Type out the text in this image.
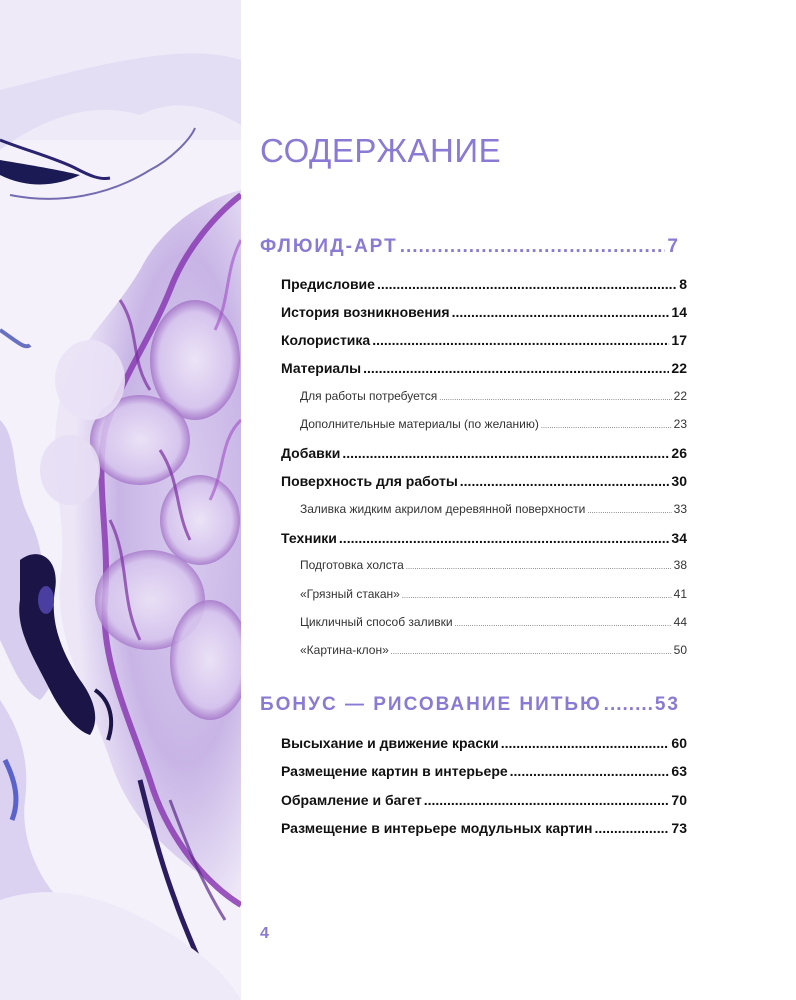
СОДЕРЖАНИЕ
ФЛЮИД-АРТ .....	7
Предисловие .....	8
История возникновения .....	14
Колористика .....	17
Материалы .....	22
Для работы потребуется .....	22
Дополнительные материалы (по желанию) .....	23
Добавки .....	26
Поверхность для работы .....	30
Заливка жидким акрилом деревянной поверхности .....	33
Техники .....	34
Подготовка холста .....	38
«Грязный стакан» .....	41
Цикличный способ заливки .....	44
«Картина-клон» .....	50
БОНУС — РИСОВАНИЕ НИТЬЮ .....	53
Высыхание и движение краски .....	60
Размещение картин в интерьере .....	63
Обрамление и багет .....	70
Размещение в интерьере модульных картин .....	73
4
